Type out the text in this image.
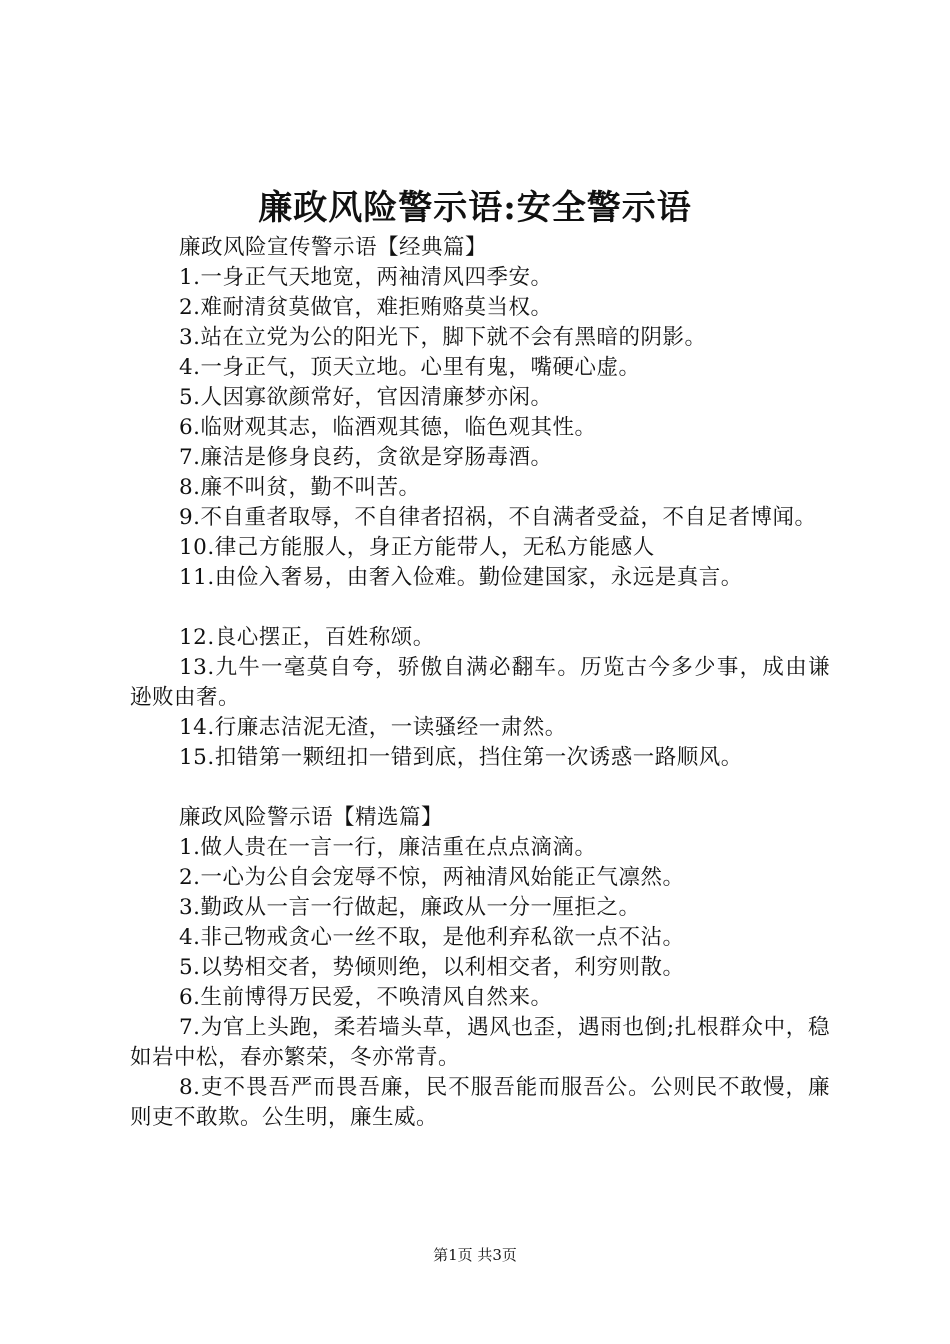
廉政风险警示语:安全警示语
廉政风险宣传警示语【经典篇】
1.一身正气天地宽，两袖清风四季安。
2.难耐清贫莫做官，难拒贿赂莫当权。
3.站在立党为公的阳光下，脚下就不会有黑暗的阴影。
4.一身正气，顶天立地。心里有鬼，嘴硬心虚。
5.人因寡欲颜常好，官因清廉梦亦闲。
6.临财观其志，临酒观其德，临色观其性。
7.廉洁是修身良药，贪欲是穿肠毒酒。
8.廉不叫贫，勤不叫苦。
9.不自重者取辱，不自律者招祸，不自满者受益，不自足者博闻。
10.律己方能服人，身正方能带人，无私方能感人
11.由俭入奢易，由奢入俭难。勤俭建国家，永远是真言。
12.良心摆正，百姓称颂。
13.九牛一毫莫自夸，骄傲自满必翻车。历览古今多少事，成由谦逊败由奢。
14.行廉志洁泥无渣，一读骚经一肃然。
15.扣错第一颗纽扣一错到底，挡住第一次诱惑一路顺风。
廉政风险警示语【精选篇】
1.做人贵在一言一行，廉洁重在点点滴滴。
2.一心为公自会宠辱不惊，两袖清风始能正气凛然。
3.勤政从一言一行做起，廉政从一分一厘拒之。
4.非己物戒贪心一丝不取，是他利弃私欲一点不沾。
5.以势相交者，势倾则绝，以利相交者，利穷则散。
6.生前博得万民爱，不唤清风自然来。
7.为官上头跑，柔若墙头草，遇风也歪，遇雨也倒;扎根群众中，稳如岩中松，春亦繁荣，冬亦常青。
8.吏不畏吾严而畏吾廉，民不服吾能而服吾公。公则民不敢慢，廉则吏不敢欺。公生明，廉生威。
第1页 共3页
